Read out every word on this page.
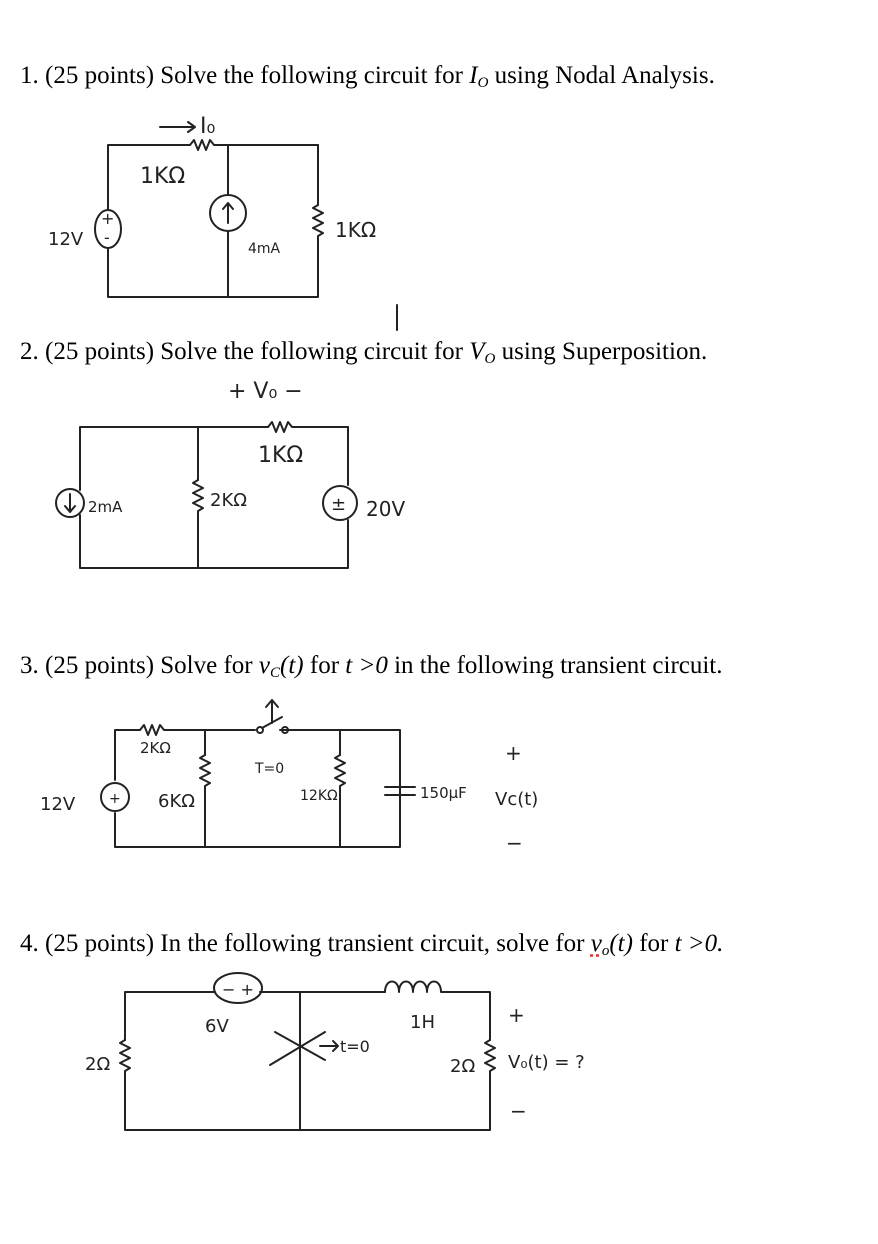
1. (25 points) Solve the following circuit for $I_O$ using Nodal Analysis.
I₀
1KΩ
+
-
12V	4mA
1KΩ
2. (25 points) Solve the following circuit for $V_O$ using Superposition.
+ V₀ −
1KΩ
2mA	2KΩ	± 20V
3. (25 points) Solve for $v_C(t)$ for t >0 in the following transient circuit.
2KΩ
T=0
+
12V	6KΩ	12KΩ	150μF
+
Vc(t)
−
4. (25 points) In the following transient circuit, solve for $v_o(t)$ for t >0.
− +
6V	1H
2Ω	2Ω
t=0
+
V₀(t) = ?
−
